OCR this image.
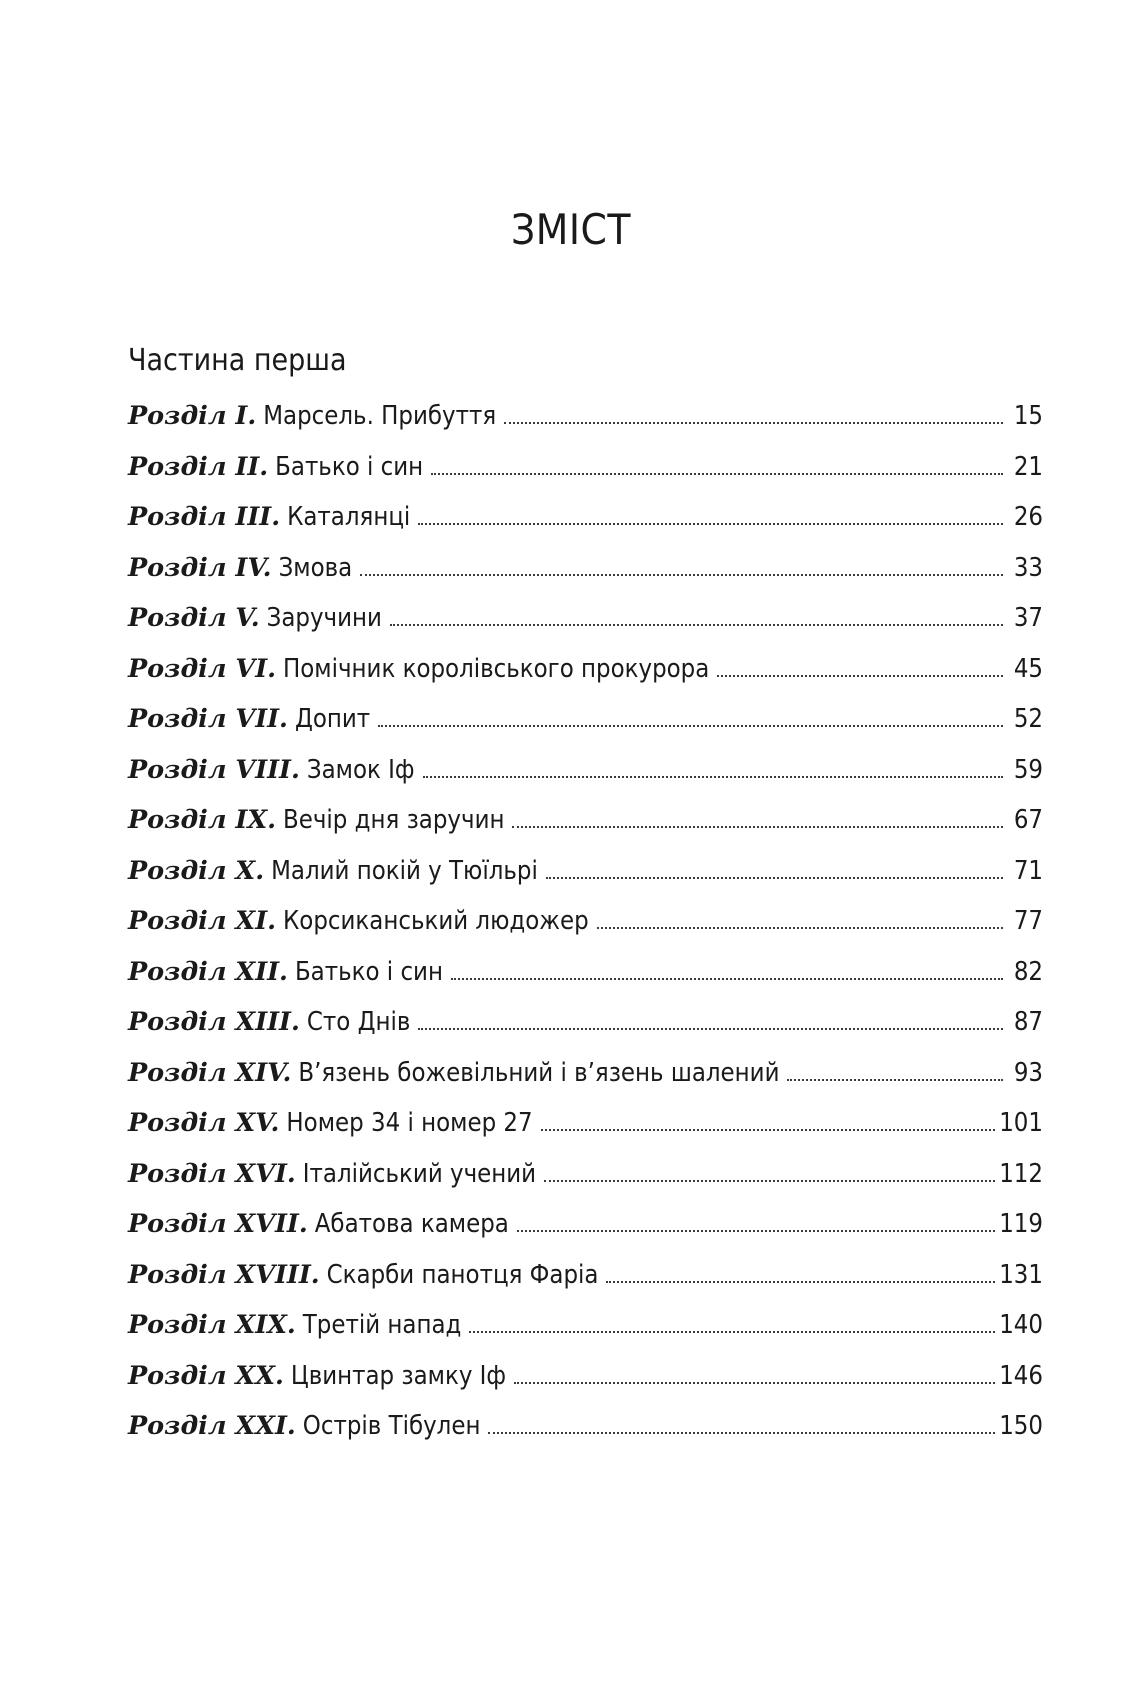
ЗМІСТ
Частина перша
Розділ І. Марсель. Прибуття	15
Розділ ІІ. Батько і син	21
Розділ ІІІ. Каталянці	26
Розділ IV. Змова	33
Розділ V. Заручини	37
Розділ VI. Помічник королівського прокурора	45
Розділ VІІ. Допит	52
Розділ VІІІ. Замок Іф	59
Розділ IX. Вечір дня заручин	67
Розділ X. Малий покій у Тюїльрі	71
Розділ XІ. Корсиканський людожер	77
Розділ XІІ. Батько і син	82
Розділ XІІІ. Сто Днів	87
Розділ XIV. В’язень божевільний і в’язень шалений	93
Розділ XV. Номер 34 і номер 27	101
Розділ XVІ. Італійський учений	112
Розділ XVІІ. Абатова камера	119
Розділ XVІІІ. Скарби панотця Фаріа	131
Розділ XIX. Третій напад	140
Розділ XX. Цвинтар замку Іф	146
Розділ XXІ. Острів Тібулен	150
